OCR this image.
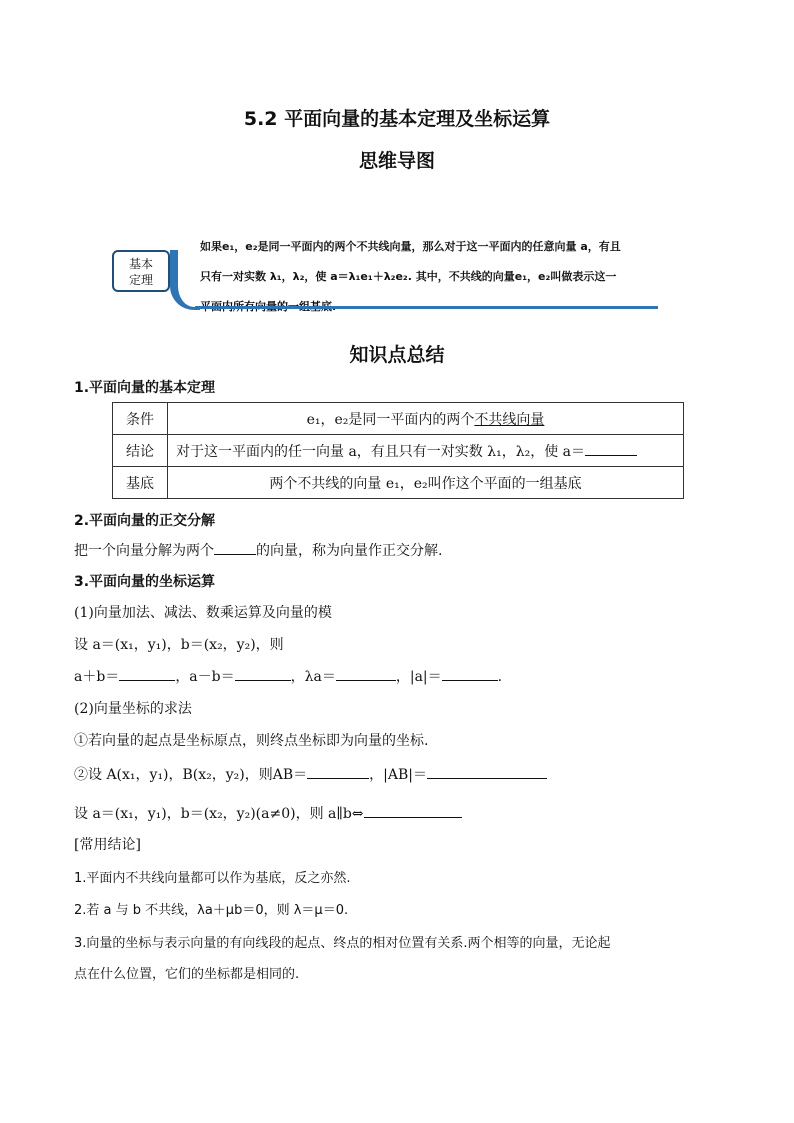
5.2 平面向量的基本定理及坐标运算
思维导图
基本
定理
如果e₁，e₂是同一平面内的两个不共线向量，那么对于这一平面内的任意向量 a，有且
只有一对实数 λ₁，λ₂，使 a＝λ₁e₁＋λ₂e₂. 其中，不共线的向量e₁，e₂叫做表示这一
知识点总结
1.平面向量的基本定理
条件	e₁，e₂是同一平面内的两个不共线向量
结论	对于这一平面内的任一向量 a，有且只有一对实数 λ₁，λ₂，使 a＝
基底	两个不共线的向量 e₁，e₂叫作这个平面的一组基底
2.平面向量的正交分解
把一个向量分解为两个	的向量，称为向量作正交分解.
3.平面向量的坐标运算
(1)向量加法、减法、数乘运算及向量的模
设 a＝(x₁，y₁)，b＝(x₂，y₂)，则
a＋b＝	，a－b＝	，λa＝	，|a|＝	.
(2)向量坐标的求法
①若向量的起点是坐标原点，则终点坐标即为向量的坐标.
②设 A(x₁，y₁)，B(x₂，y₂)，则AB＝	，|AB|＝
设 a＝(x₁，y₁)，b＝(x₂，y₂)(a≠0)，则 a∥b⇔
[常用结论]
1.平面内不共线向量都可以作为基底，反之亦然.
2.若 a 与 b 不共线，λa＋μb＝0，则 λ＝μ＝0.
3.向量的坐标与表示向量的有向线段的起点、终点的相对位置有关系.两个相等的向量，无论起
点在什么位置，它们的坐标都是相同的.
